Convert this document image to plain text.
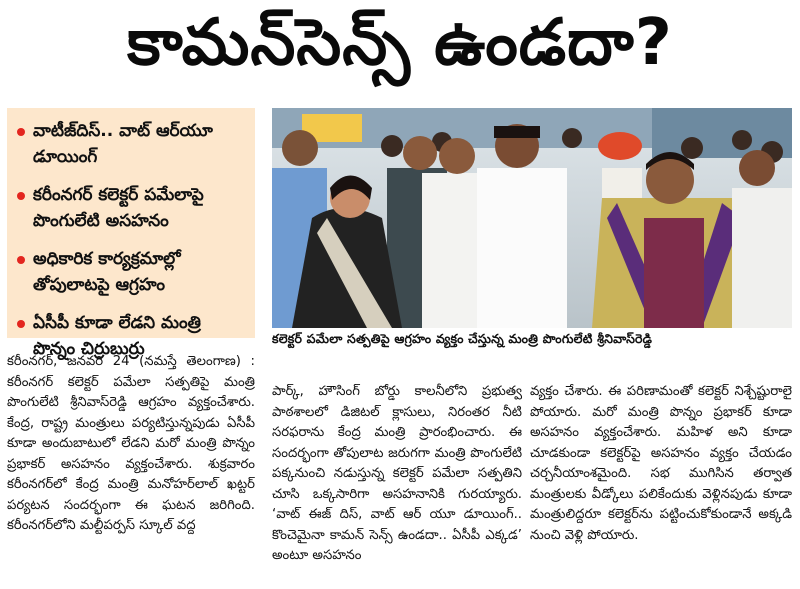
కామన్‌సెన్స్‌ ఉండదా?
వాటీజ్‌దిస్‌.. వాట్‌ ఆర్‌యూ డూయింగ్‌
కరీంనగర్‌ కలెక్టర్‌ పమేలాపై పొంగులేటి అసహనం
అధికారిక కార్యక్రమాల్లో తోపులాటపై ఆగ్రహం
ఏసీపీ కూడా లేడని మంత్రి పొన్నం చిర్రుబుర్రు
కలెక్టర్‌ పమేలా సత్పతిపై ఆగ్రహం వ్యక్తం చేస్తున్న మంత్రి పొంగులేటి శ్రీనివాస్‌రెడ్డి

కరీంనగర్‌, జనవరి 24 (నమస్తే తెలంగాణ) : కరీంనగర్‌ కలెక్టర్‌ పమేలా సత్పతిపై మంత్రి పొంగులేటి శ్రీనివాస్‌రెడ్డి ఆగ్రహం వ్యక్తంచేశారు. కేంద్ర, రాష్ట్ర మంత్రులు పర్యటిస్తున్నపుడు ఏసీపీ కూడా అందుబాటులో లేడని మరో మంత్రి పొన్నం ప్రభాకర్‌ అసహనం వ్యక్తంచేశారు. శుక్రవారం కరీంనగర్‌లో కేంద్ర మంత్రి మనోహర్‌లాల్‌ ఖట్టర్‌ పర్యటన సందర్భంగా ఈ ఘటన జరిగింది. కరీంనగర్‌లోని మల్టీపర్పస్‌ స్కూల్‌ వద్ద

పార్క్‌, హౌసింగ్‌ బోర్డు కాలనీలోని ప్రభుత్వ పాఠశాలలో డిజిటల్‌ క్లాసులు, నిరంతర నీటి సరఫరాను కేంద్ర మంత్రి ప్రారంభించారు. ఈ సందర్భంగా తోపులాట జరుగగా మంత్రి పొంగులేటి పక్కనుంచి నడుస్తున్న కలెక్టర్‌ పమేలా సత్పతిని చూసి ఒక్కసారిగా అసహనానికి గురయ్యారు. ‘వాట్‌ ఈజ్‌ దిస్‌, వాట్‌ ఆర్‌ యూ డూయింగ్‌.. కొంచెమైనా కామన్‌ సెన్స్‌ ఉండదా.. ఏసీపీ ఎక్కడ’ అంటూ అసహనం

వ్యక్తం చేశారు. ఈ పరిణామంతో కలెక్టర్‌ నిశ్చేష్టురాలై పోయారు. మరో మంత్రి పొన్నం ప్రభాకర్‌ కూడా అసహనం వ్యక్తంచేశారు. మహిళ అని కూడా చూడకుండా కలెక్టర్‌పై అసహనం వ్యక్తం చేయడం చర్చనీయాంశమైంది. సభ ముగిసిన తర్వాత మంత్రులకు వీడ్కోలు పలికేందుకు వెళ్లినపుడు కూడా మంత్రులిద్దరూ కలెక్టర్‌ను పట్టించుకోకుండానే అక్కడి నుంచి వెళ్లి పోయారు.
